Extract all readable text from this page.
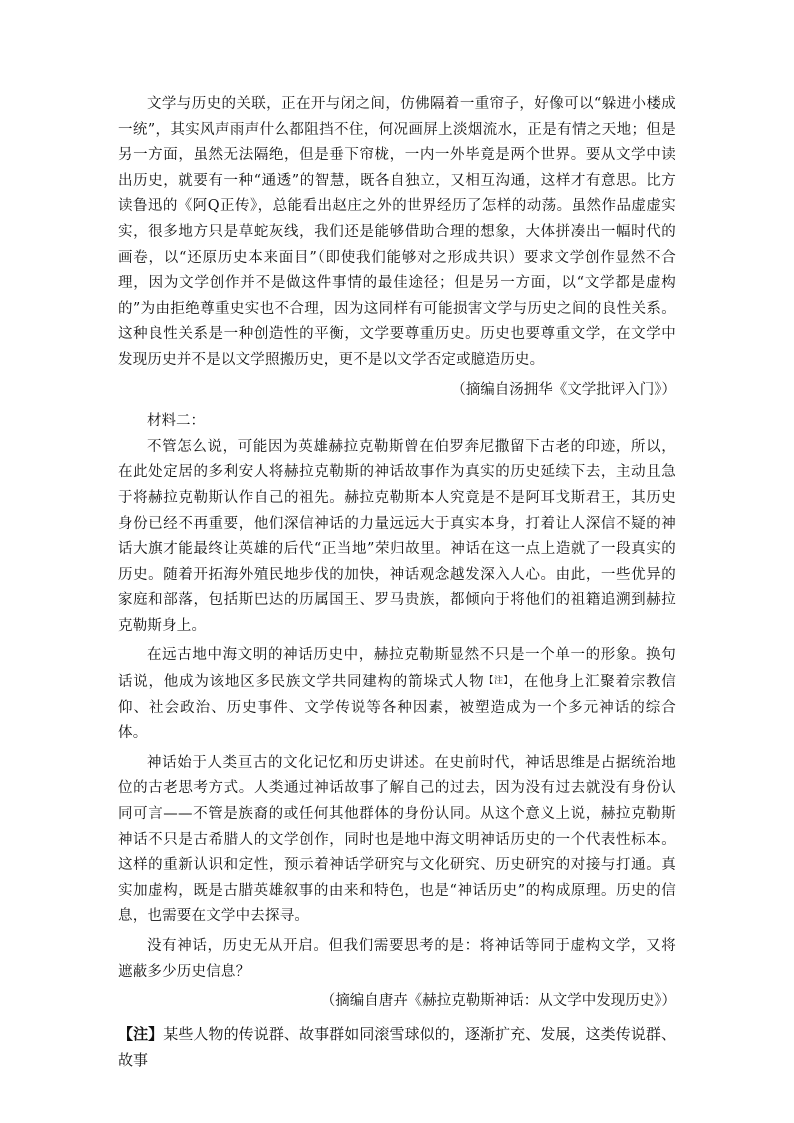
文学与历史的关联，正在开与闭之间，仿佛隔着一重帘子，好像可以“躲进小楼成一统”，其实风声雨声什么都阻挡不住，何况画屏上淡烟流水，正是有情之天地；但是另一方面，虽然无法隔绝，但是垂下帘栊，一内一外毕竟是两个世界。要从文学中读出历史，就要有一种“通透”的智慧，既各自独立，又相互沟通，这样才有意思。比方读鲁迅的《阿Q正传》，总能看出赵庄之外的世界经历了怎样的动荡。虽然作品虚虚实实，很多地方只是草蛇灰线，我们还是能够借助合理的想象，大体拼凑出一幅时代的画卷，以“还原历史本来面目”（即使我们能够对之形成共识）要求文学创作显然不合理，因为文学创作并不是做这件事情的最佳途径；但是另一方面，以“文学都是虚构的”为由拒绝尊重史实也不合理，因为这同样有可能损害文学与历史之间的良性关系。这种良性关系是一种创造性的平衡，文学要尊重历史。历史也要尊重文学，在文学中发现历史并不是以文学照搬历史，更不是以文学否定或臆造历史。

（摘编自汤拥华《文学批评入门》）

材料二：

不管怎么说，可能因为英雄赫拉克勒斯曾在伯罗奔尼撒留下古老的印迹，所以，在此处定居的多利安人将赫拉克勒斯的神话故事作为真实的历史延续下去，主动且急于将赫拉克勒斯认作自己的祖先。赫拉克勒斯本人究竟是不是阿耳戈斯君王，其历史身份已经不再重要，他们深信神话的力量远远大于真实本身，打着让人深信不疑的神话大旗才能最终让英雄的后代“正当地”荣归故里。神话在这一点上造就了一段真实的历史。随着开拓海外殖民地步伐的加快，神话观念越发深入人心。由此，一些优异的家庭和部落，包括斯巴达的历属国王、罗马贵族，都倾向于将他们的祖籍追溯到赫拉克勒斯身上。

在远古地中海文明的神话历史中，赫拉克勒斯显然不只是一个单一的形象。换句话说，他成为该地区多民族文学共同建构的箭垛式人物$^{【注】}$，在他身上汇聚着宗教信仰、社会政治、历史事件、文学传说等各种因素，被塑造成为一个多元神话的综合体。

神话始于人类亘古的文化记忆和历史讲述。在史前时代，神话思维是占据统治地位的古老思考方式。人类通过神话故事了解自己的过去，因为没有过去就没有身份认同可言——不管是族裔的或任何其他群体的身份认同。从这个意义上说，赫拉克勒斯神话不只是古希腊人的文学创作，同时也是地中海文明神话历史的一个代表性标本。这样的重新认识和定性，预示着神话学研究与文化研究、历史研究的对接与打通。真实加虚构，既是古腊英雄叙事的由来和特色，也是“神话历史”的构成原理。历史的信息，也需要在文学中去探寻。

没有神话，历史无从开启。但我们需要思考的是：将神话等同于虚构文学，又将遮蔽多少历史信息？

（摘编自唐卉《赫拉克勒斯神话：从文学中发现历史》）

【注】某些人物的传说群、故事群如同滚雪球似的，逐渐扩充、发展，这类传说群、故事
